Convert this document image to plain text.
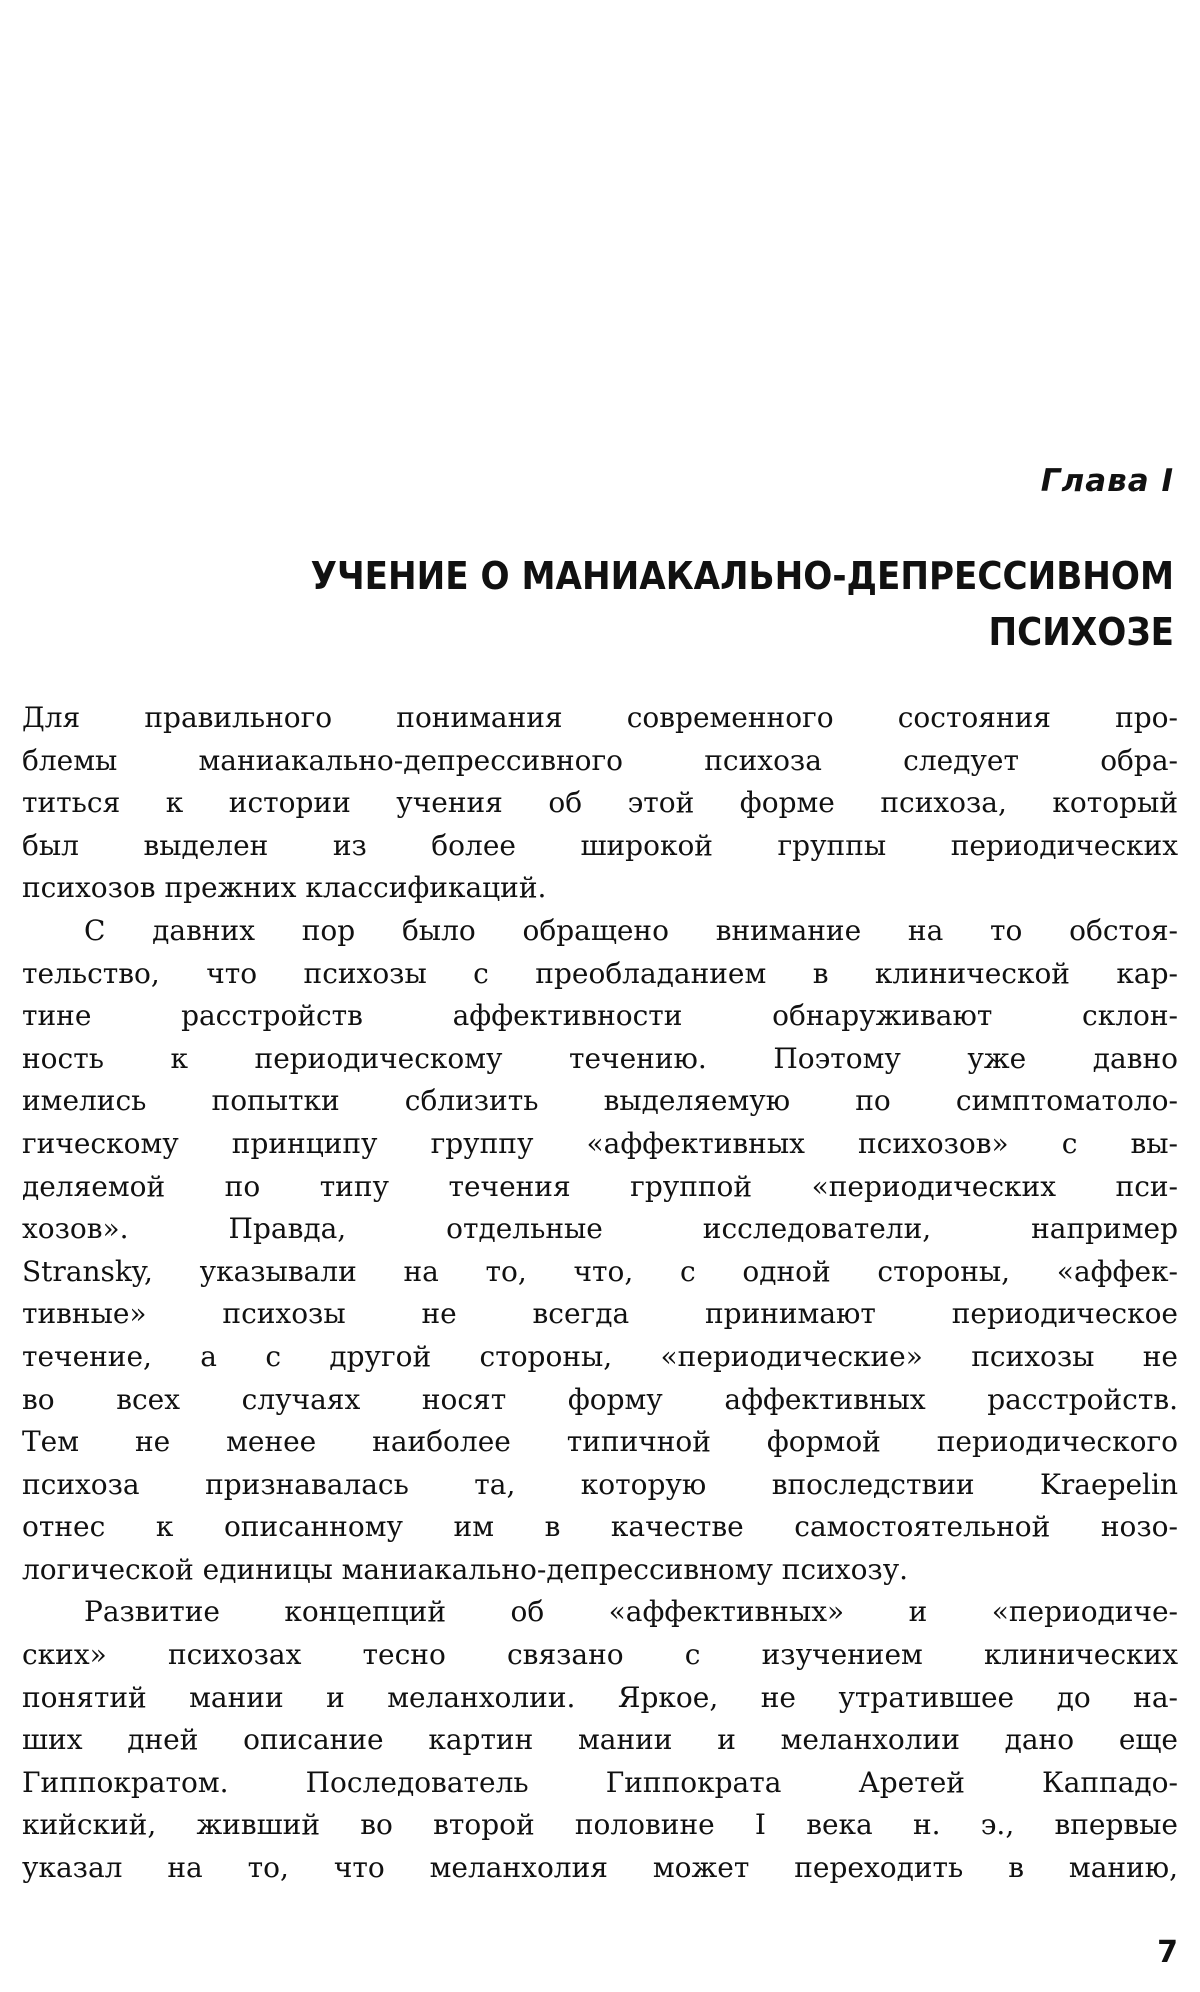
Глава I
УЧЕНИЕ О МАНИАКАЛЬНО-ДЕПРЕССИВНОМ
ПСИХОЗЕ
Для правильного понимания современного состояния про-
блемы маниакально-депрессивного психоза следует обра-
титься к истории учения об этой форме психоза, который
был выделен из более широкой группы периодических
психозов прежних классификаций.
С давних пор было обращено внимание на то обстоя-
тельство, что психозы с преобладанием в клинической кар-
тине расстройств аффективности обнаруживают склон-
ность к периодическому течению. Поэтому уже давно
имелись попытки сблизить выделяемую по симптоматоло-
гическому принципу группу «аффективных психозов» с вы-
деляемой по типу течения группой «периодических пси-
хозов». Правда, отдельные исследователи, например
Stransky, указывали на то, что, с одной стороны, «аффек-
тивные» психозы не всегда принимают периодическое
течение, а с другой стороны, «периодические» психозы не
во всех случаях носят форму аффективных расстройств.
Тем не менее наиболее типичной формой периодического
психоза признавалась та, которую впоследствии Kraepelin
отнес к описанному им в качестве самостоятельной нозо-
логической единицы маниакально-депрессивному психозу.
Развитие концепций об «аффективных» и «периодиче-
ских» психозах тесно связано с изучением клинических
понятий мании и меланхолии. Яркое, не утратившее до на-
ших дней описание картин мании и меланхолии дано еще
Гиппократом. Последователь Гиппократа Аретей Каппадо-
кийский, живший во второй половине I века н. э., впервые
указал на то, что меланхолия может переходить в манию,
7
